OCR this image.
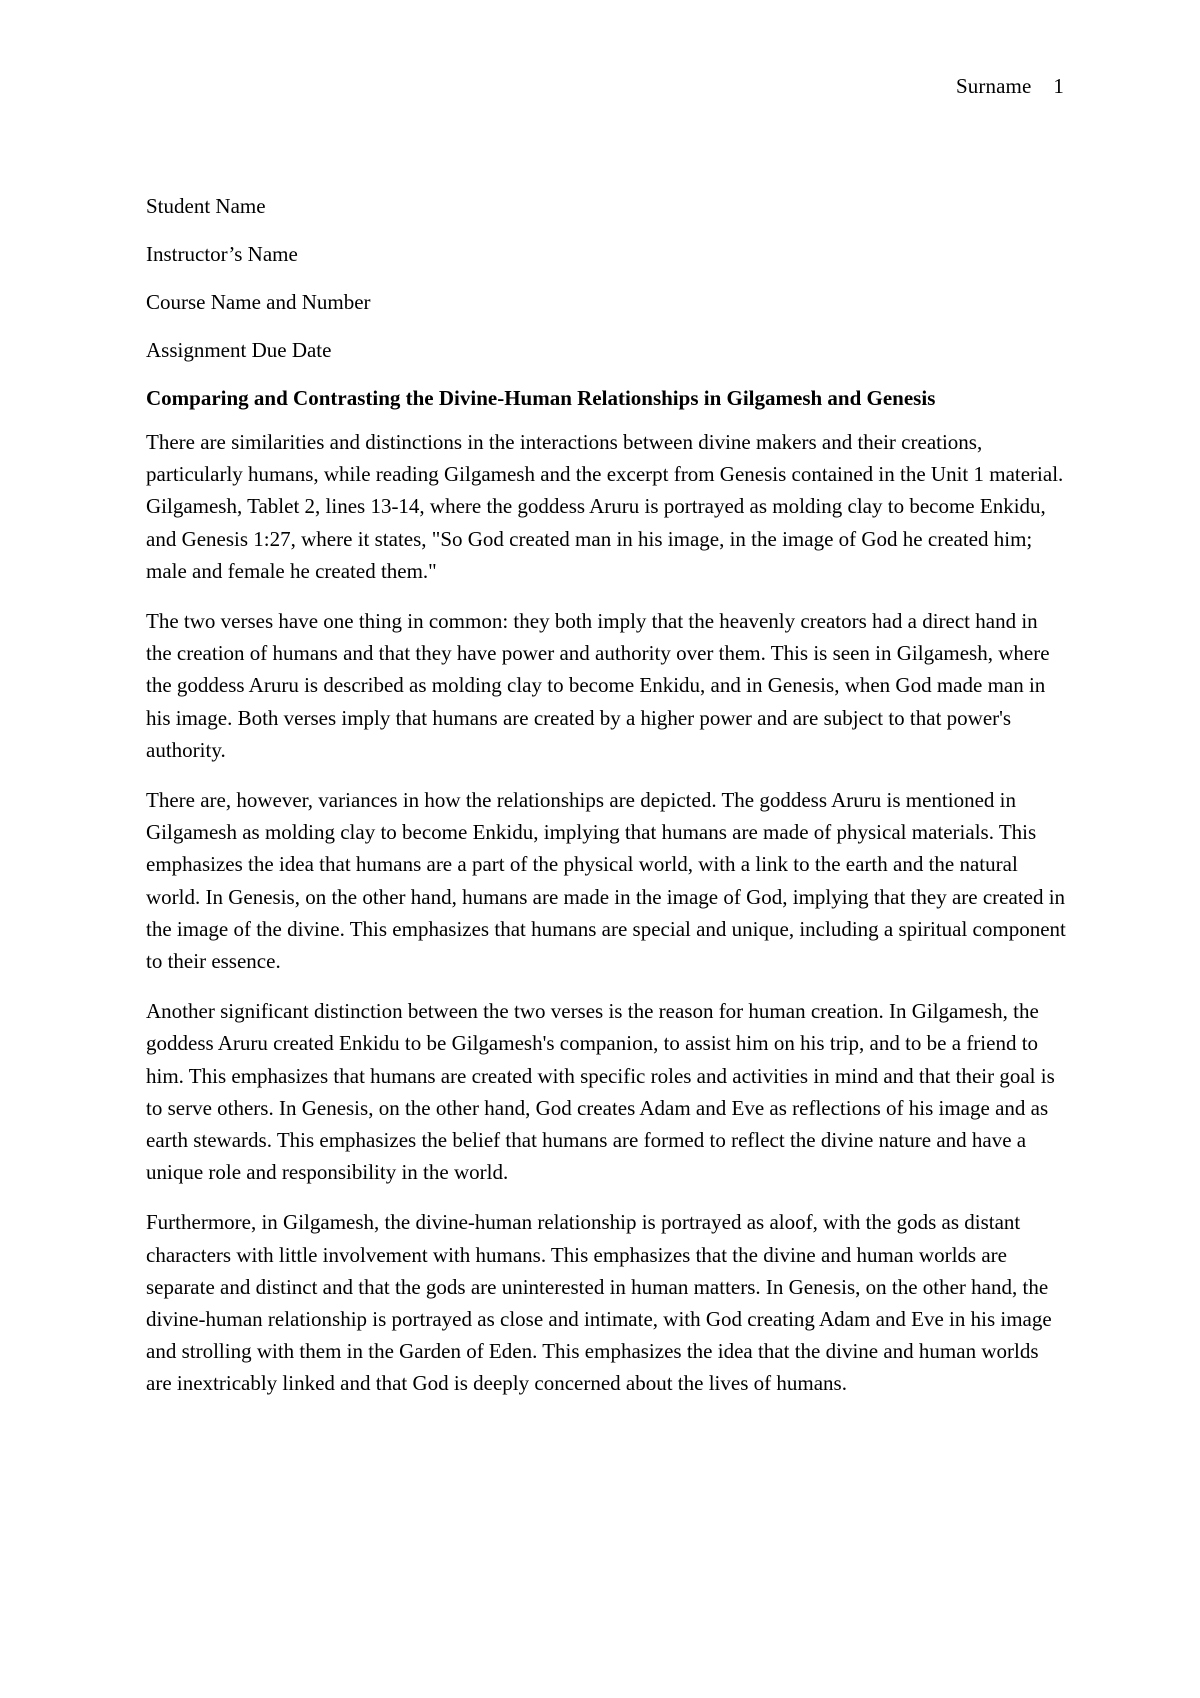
Surname 1
Student Name
Instructor’s Name
Course Name and Number
Assignment Due Date
Comparing and Contrasting the Divine-Human Relationships in Gilgamesh and Genesis

There are similarities and distinctions in the interactions between divine makers and their creations, particularly humans, while reading Gilgamesh and the excerpt from Genesis contained in the Unit 1 material. Gilgamesh, Tablet 2, lines 13-14, where the goddess Aruru is portrayed as molding clay to become Enkidu, and Genesis 1:27, where it states, "So God created man in his image, in the image of God he created him; male and female he created them."

The two verses have one thing in common: they both imply that the heavenly creators had a direct hand in the creation of humans and that they have power and authority over them. This is seen in Gilgamesh, where the goddess Aruru is described as molding clay to become Enkidu, and in Genesis, when God made man in his image. Both verses imply that humans are created by a higher power and are subject to that power's authority.

There are, however, variances in how the relationships are depicted. The goddess Aruru is mentioned in Gilgamesh as molding clay to become Enkidu, implying that humans are made of physical materials. This emphasizes the idea that humans are a part of the physical world, with a link to the earth and the natural world. In Genesis, on the other hand, humans are made in the image of God, implying that they are created in the image of the divine. This emphasizes that humans are special and unique, including a spiritual component to their essence.

Another significant distinction between the two verses is the reason for human creation. In Gilgamesh, the goddess Aruru created Enkidu to be Gilgamesh's companion, to assist him on his trip, and to be a friend to him. This emphasizes that humans are created with specific roles and activities in mind and that their goal is to serve others. In Genesis, on the other hand, God creates Adam and Eve as reflections of his image and as earth stewards. This emphasizes the belief that humans are formed to reflect the divine nature and have a unique role and responsibility in the world.

Furthermore, in Gilgamesh, the divine-human relationship is portrayed as aloof, with the gods as distant characters with little involvement with humans. This emphasizes that the divine and human worlds are separate and distinct and that the gods are uninterested in human matters. In Genesis, on the other hand, the divine-human relationship is portrayed as close and intimate, with God creating Adam and Eve in his image and strolling with them in the Garden of Eden. This emphasizes the idea that the divine and human worlds are inextricably linked and that God is deeply concerned about the lives of humans.
